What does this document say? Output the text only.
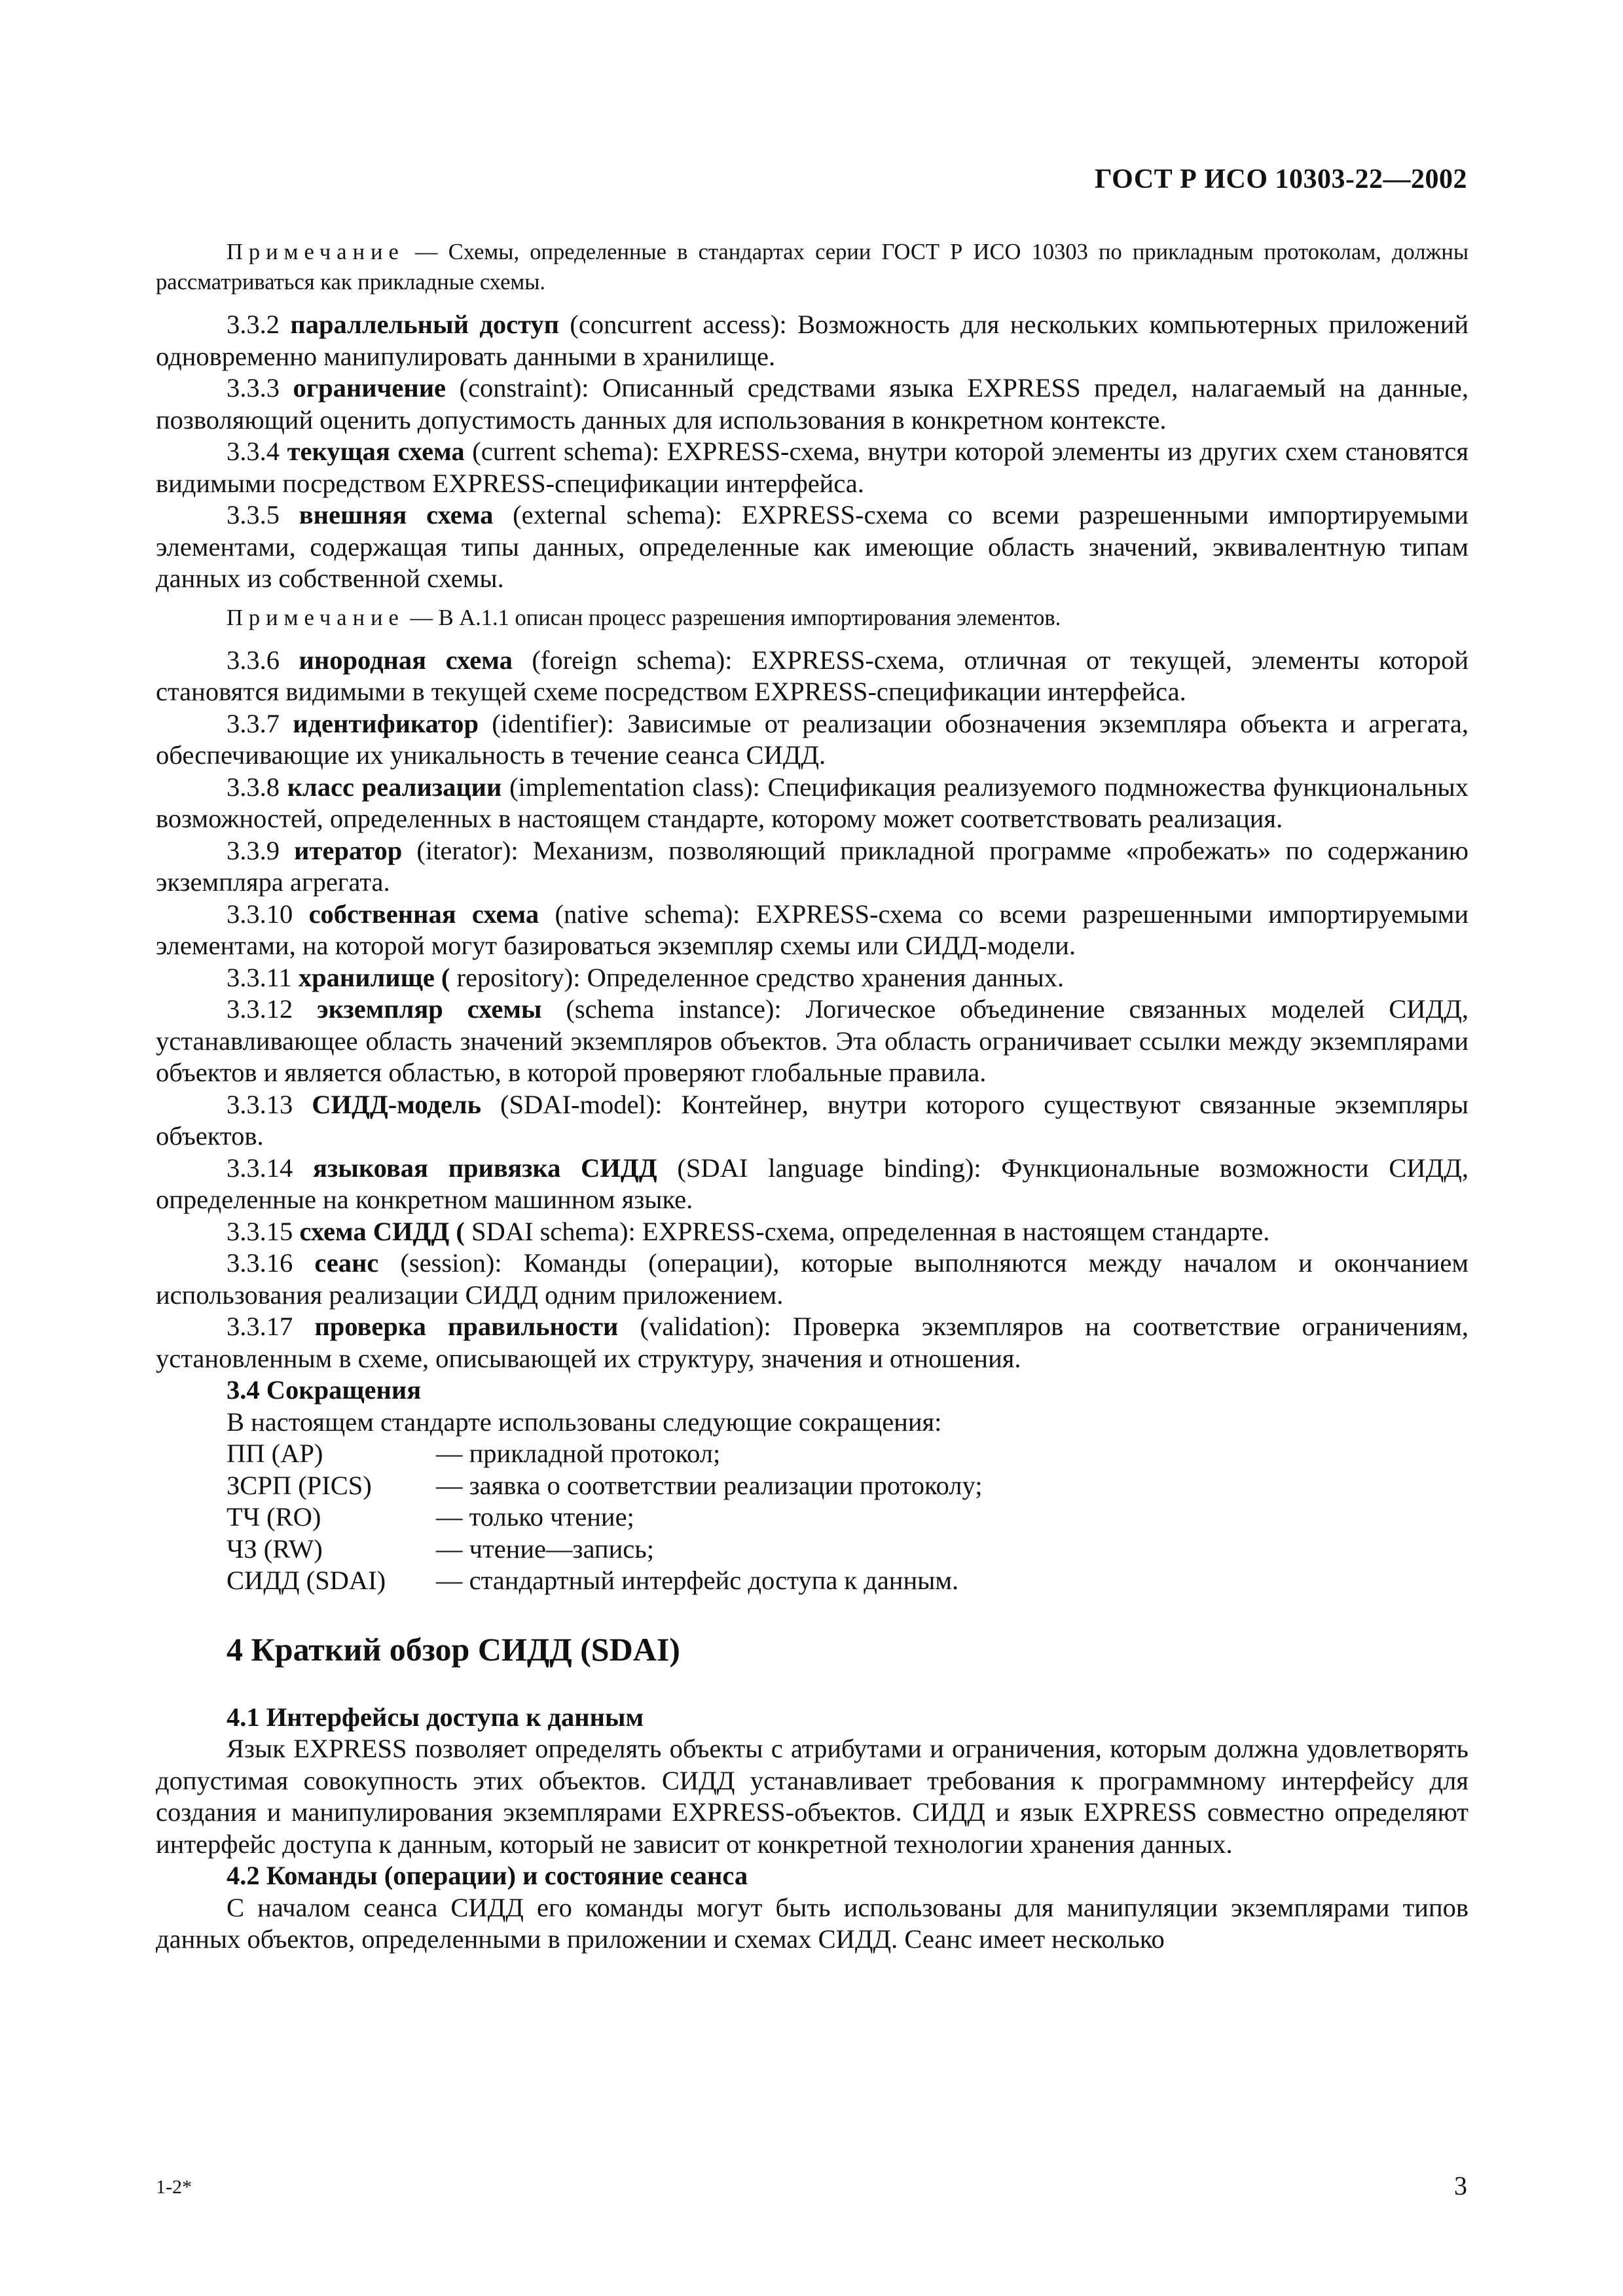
ГОСТ Р ИСО 10303-22—2002

Примечание — Схемы, определенные в стандартах серии ГОСТ Р ИСО 10303 по прикладным протоколам, должны рассматриваться как прикладные схемы.

3.3.2 параллельный доступ (concurrent access): Возможность для нескольких компьютерных приложений одновременно манипулировать данными в хранилище.

3.3.3 ограничение (constraint): Описанный средствами языка EXPRESS предел, налагаемый на данные, позволяющий оценить допустимость данных для использования в конкретном контексте.

3.3.4 текущая схема (current schema): EXPRESS-схема, внутри которой элементы из других схем становятся видимыми посредством EXPRESS-спецификации интерфейса.

3.3.5 внешняя схема (external schema): EXPRESS-схема со всеми разрешенными импортируемыми элементами, содержащая типы данных, определенные как имеющие область значений, эквивалентную типам данных из собственной схемы.

Примечание — В А.1.1 описан процесс разрешения импортирования элементов.

3.3.6 инородная схема (foreign schema): EXPRESS-схема, отличная от текущей, элементы которой становятся видимыми в текущей схеме посредством EXPRESS-спецификации интерфейса.

3.3.7 идентификатор (identifier): Зависимые от реализации обозначения экземпляра объекта и агрегата, обеспечивающие их уникальность в течение сеанса СИДД.

3.3.8 класс реализации (implementation class): Спецификация реализуемого подмножества функциональных возможностей, определенных в настоящем стандарте, которому может соответствовать реализация.

3.3.9 итератор (iterator): Механизм, позволяющий прикладной программе «пробежать» по содержанию экземпляра агрегата.

3.3.10 собственная схема (native schema): EXPRESS-схема со всеми разрешенными импортируемыми элементами, на которой могут базироваться экземпляр схемы или СИДД-модели.

3.3.11 хранилище ( repository): Определенное средство хранения данных.

3.3.12 экземпляр схемы (schema instance): Логическое объединение связанных моделей СИДД, устанавливающее область значений экземпляров объектов. Эта область ограничивает ссылки между экземплярами объектов и является областью, в которой проверяют глобальные правила.

3.3.13 СИДД-модель (SDAI-model): Контейнер, внутри которого существуют связанные экземпляры объектов.

3.3.14 языковая привязка СИДД (SDAI language binding): Функциональные возможности СИДД, определенные на конкретном машинном языке.

3.3.15 схема СИДД ( SDAI schema): EXPRESS-схема, определенная в настоящем стандарте.

3.3.16 сеанс (session): Команды (операции), которые выполняются между началом и окончанием использования реализации СИДД одним приложением.

3.3.17 проверка правильности (validation): Проверка экземпляров на соответствие ограничениям, установленным в схеме, описывающей их структуру, значения и отношения.

3.4 Сокращения

В настоящем стандарте использованы следующие сокращения:

ПП (AP)	— прикладной протокол;
ЗСРП (PICS)	— заявка о соответствии реализации протоколу;
ТЧ (RO)	— только чтение;
ЧЗ (RW)	— чтение—запись;
СИДД (SDAI)	— стандартный интерфейс доступа к данным.
4 Краткий обзор СИДД (SDAI)

4.1 Интерфейсы доступа к данным

Язык EXPRESS позволяет определять объекты с атрибутами и ограничения, которым должна удовлетворять допустимая совокупность этих объектов. СИДД устанавливает требования к программному интерфейсу для создания и манипулирования экземплярами EXPRESS-объектов. СИДД и язык EXPRESS совместно определяют интерфейс доступа к данным, который не зависит от конкретной технологии хранения данных.

4.2 Команды (операции) и состояние сеанса

С началом сеанса СИДД его команды могут быть использованы для манипуляции экземплярами типов данных объектов, определенными в приложении и схемах СИДД. Сеанс имеет несколько

1-2*	3
